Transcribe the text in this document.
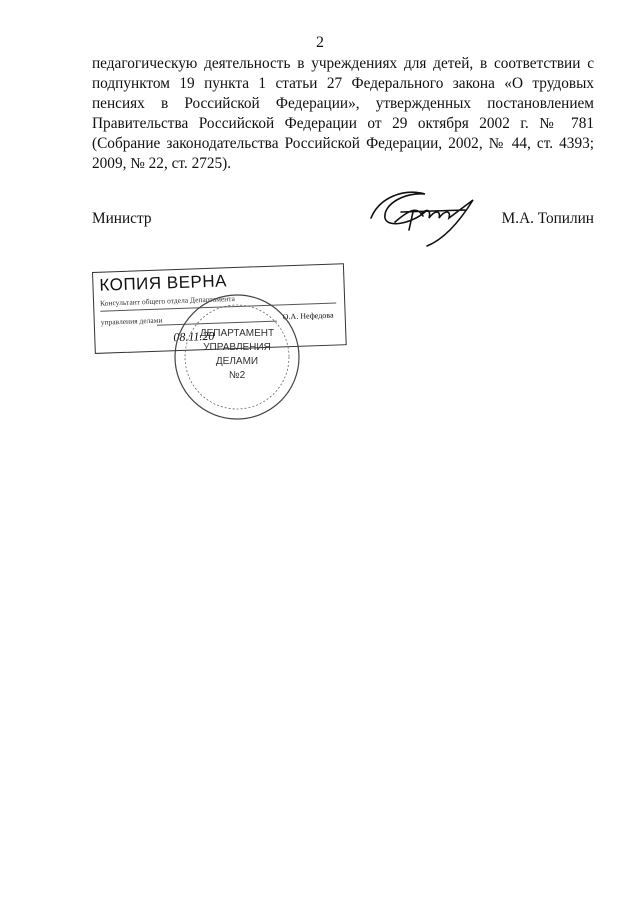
2

педагогическую деятельность в учреждениях для детей, в соответствии с подпунктом 19 пункта 1 статьи 27 Федерального закона «О трудовых пенсиях в Российской Федерации», утвержденных постановлением Правительства Российской Федерации от 29 октября 2002 г. № 781 (Собрание законодательства Российской Федерации, 2002, № 44, ст. 4393; 2009, № 22, ст. 2725).

Министр	М.А. Топилин
КОПИЯ ВЕРНА
Консультант общего отдела Департамента
управления делами	О.А. Нефедова
08.11.20
ДЕПАРТАМЕНТ
УПРАВЛЕНИЯ
ДЕЛАМИ
№2
